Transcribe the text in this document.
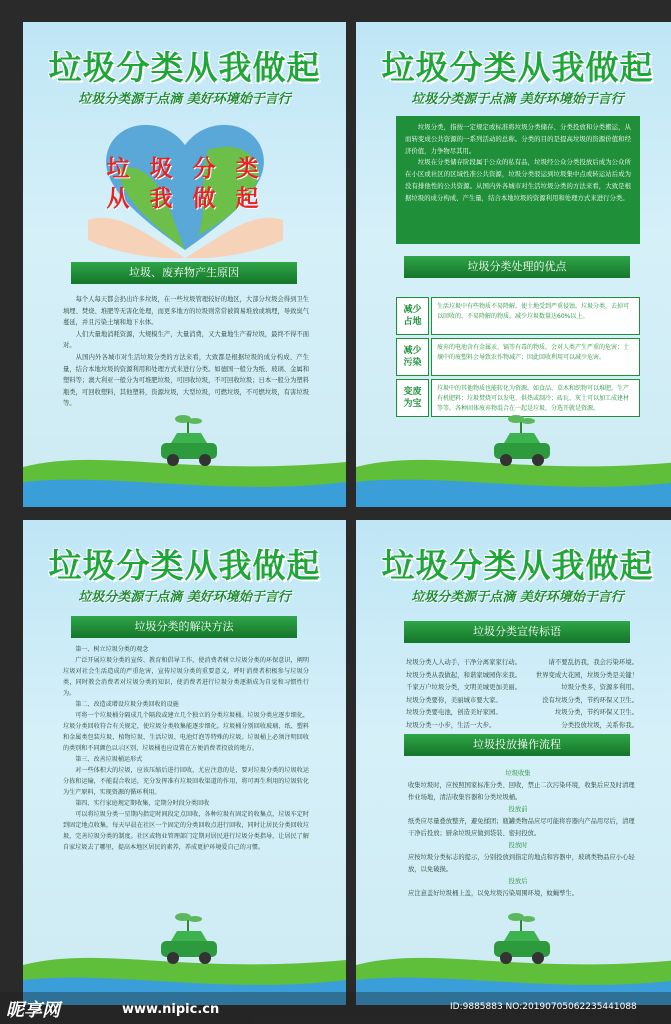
垃圾分类从我做起
垃圾分类源于点滴 美好环境始于言行
垃 圾 分 类
从 我 做 起
垃圾、废弃物产生原因

每个人每天都会扔出许多垃圾，在一些垃圾管理较好的地区，大部分垃圾会得到卫生填埋、焚烧、堆肥等无害化处理，而更多地方的垃圾则常常被简易堆放或填埋，导致臭气蔓延，并且污染土壤和地下水体。

人们大量地消耗资源，大规模生产，大量消费，又大量地生产着垃圾，最终不得不面对。

从国内外各城市对生活垃圾分类的方法来看，大致都是根据垃圾的成分构成、产生量，结合本地垃圾的资源利用和处理方式来进行分类。如德国一般分为纸、玻璃、金属和塑料等；澳大利亚一般分为可堆肥垃圾，可回收垃圾，不可回收垃圾；日本一般分为塑料瓶类，可回收塑料，其他塑料，资源垃圾，大型垃圾，可燃垃圾，不可燃垃圾，有害垃圾等。

垃圾分类从我做起
垃圾分类源于点滴 美好环境始于言行

垃圾分类，指按一定规定或标准将垃圾分类储存、分类投放和分类搬运，从而转变成公共资源的一系列活动的总称。分类的目的是提高垃圾的资源价值和经济价值，力争物尽其用。

垃圾在分类储存阶段属于公众的私有品，垃圾经公众分类投放后成为公众所在小区或社区的区域性准公共资源，垃圾分类驳运到垃圾集中点或转运站后成为没有排他性的公共资源。从国内外各城市对生活垃圾分类的方法来看，大致是根据垃圾的成分构成、产生量，结合本地垃圾的资源利用和处理方式来进行分类。

垃圾分类处理的优点
减少
占地
生活垃圾中有些物质不易降解，使土地受到严重侵蚀。垃圾分类，去掉可以回收的，不易降解的物质，减少垃圾数量达60%以上。
减少
污染
废弃的电池含有金属汞、镉等有毒的物质，会对人类产生严重的危害；土壤中的废塑料会导致农作物减产；因此回收利用可以减少危害。
变废
为宝
垃圾中的其他物质也能转化为资源，如食品、草木和织物可以堆肥，生产有机肥料；垃圾焚烧可以发电、供热或制冷；砖瓦、灰土可以加工成建材等等。各种固体废弃物混合在一起是垃圾，分选开就是资源。
垃圾分类从我做起
垃圾分类源于点滴 美好环境始于言行
垃圾分类的解决方法

第一、树立垃圾分类的观念

广泛开展垃圾分类的宣传、教育和倡导工作，使消费者树立垃圾分类的环保意识，阐明垃圾对社会生活造成的严重危害，宣传垃圾分类的重要意义，呼吁消费者积极参与垃圾分类，同时教会消费者对垃圾分类的知识，使消费者进行垃圾分类逐渐成为自觉和习惯性行为。

第二、改造或增设垃圾分类回收的设施

可将一个垃圾桶分隔成几个隔段或建立几个独立的分类垃圾桶。垃圾分类应逐步细化，垃圾分类回收符合有关规定，使垃圾分类收集能逐步细化。垃圾桶分别回收玻璃、纸、塑料和金属类包装垃圾、植物垃圾、生活垃圾、电池灯泡等特殊的垃圾。垃圾桶上必须注明回收的类别和不同颜色以示区别，垃圾桶也应设置在方便消费者投放的地方。

第三、改善垃圾桶运形式

对一些体积大的垃圾，应该压缩后进行回收，尤应注意的是，要对垃圾分类的垃圾收运分拣和运输，不能混合收运，充分发挥准有垃圾回收渠道的作用，将可再生利用的垃圾转化为生产原料，实现资源的循环利用。

第四、实行家庭规定期收集，定期分时段分类回收

可以将垃圾分类一星期内指定时间段定点回收，各种垃圾有固定的收集点，垃圾车定时到固定地点收集，每天早晨在社区一个固定的分类回收点进行回收，同时让居民分类回收垃圾，完善垃圾分类的制度。社区或物业管理部门定期对居民进行垃圾分类指导，让居民了解自家垃圾去了哪里，提高本地区居民的素养，养成更护环境爱自己的习惯。

垃圾分类从我做起
垃圾分类源于点滴 美好环境始于言行
垃圾分类宣传标语
垃圾分类人人动手，干净分离家家行动。	请不要乱扔我，我会污染环境。
垃圾分类从我做起，和谐家城园你来我。 世界变成大花园，垃圾分类是关键！
千家万户垃圾分类，文明美城更加美丽。	垃圾分类多，资源多利用。
垃圾分类要你，美丽城市要大家。	没有垃圾分类，节约环保又卫生。
垃圾分类要电池，创造美好家园。	垃圾分类，节约环保又卫生。
垃圾分类一小步，生活一大步。	分类投放垃圾，关系你我。
垃圾投放操作流程
垃圾收集
收集垃圾时，应按照国家标准分类、回收，禁止二次污染环境，收集后应及时清理作业场地，清洁收集容器和分类垃圾桶。
投放前
纸类应尽量叠放整齐，避免揉团；瓶罐类物品应尽可能将容器内产品用尽后，清理干净后投放；厨余垃圾应做到袋装、密封投放。
投放时
应按垃圾分类标志的提示，分别投放到指定的地点和容器中，玻璃类物品应小心轻放，以免破损。
投放后
应注意盖好垃圾桶上盖，以免垃圾污染周围环境，蚊蝇孳生。
昵享网	www.nipic.cn	ID:9885883 NO:20190705062235441088
